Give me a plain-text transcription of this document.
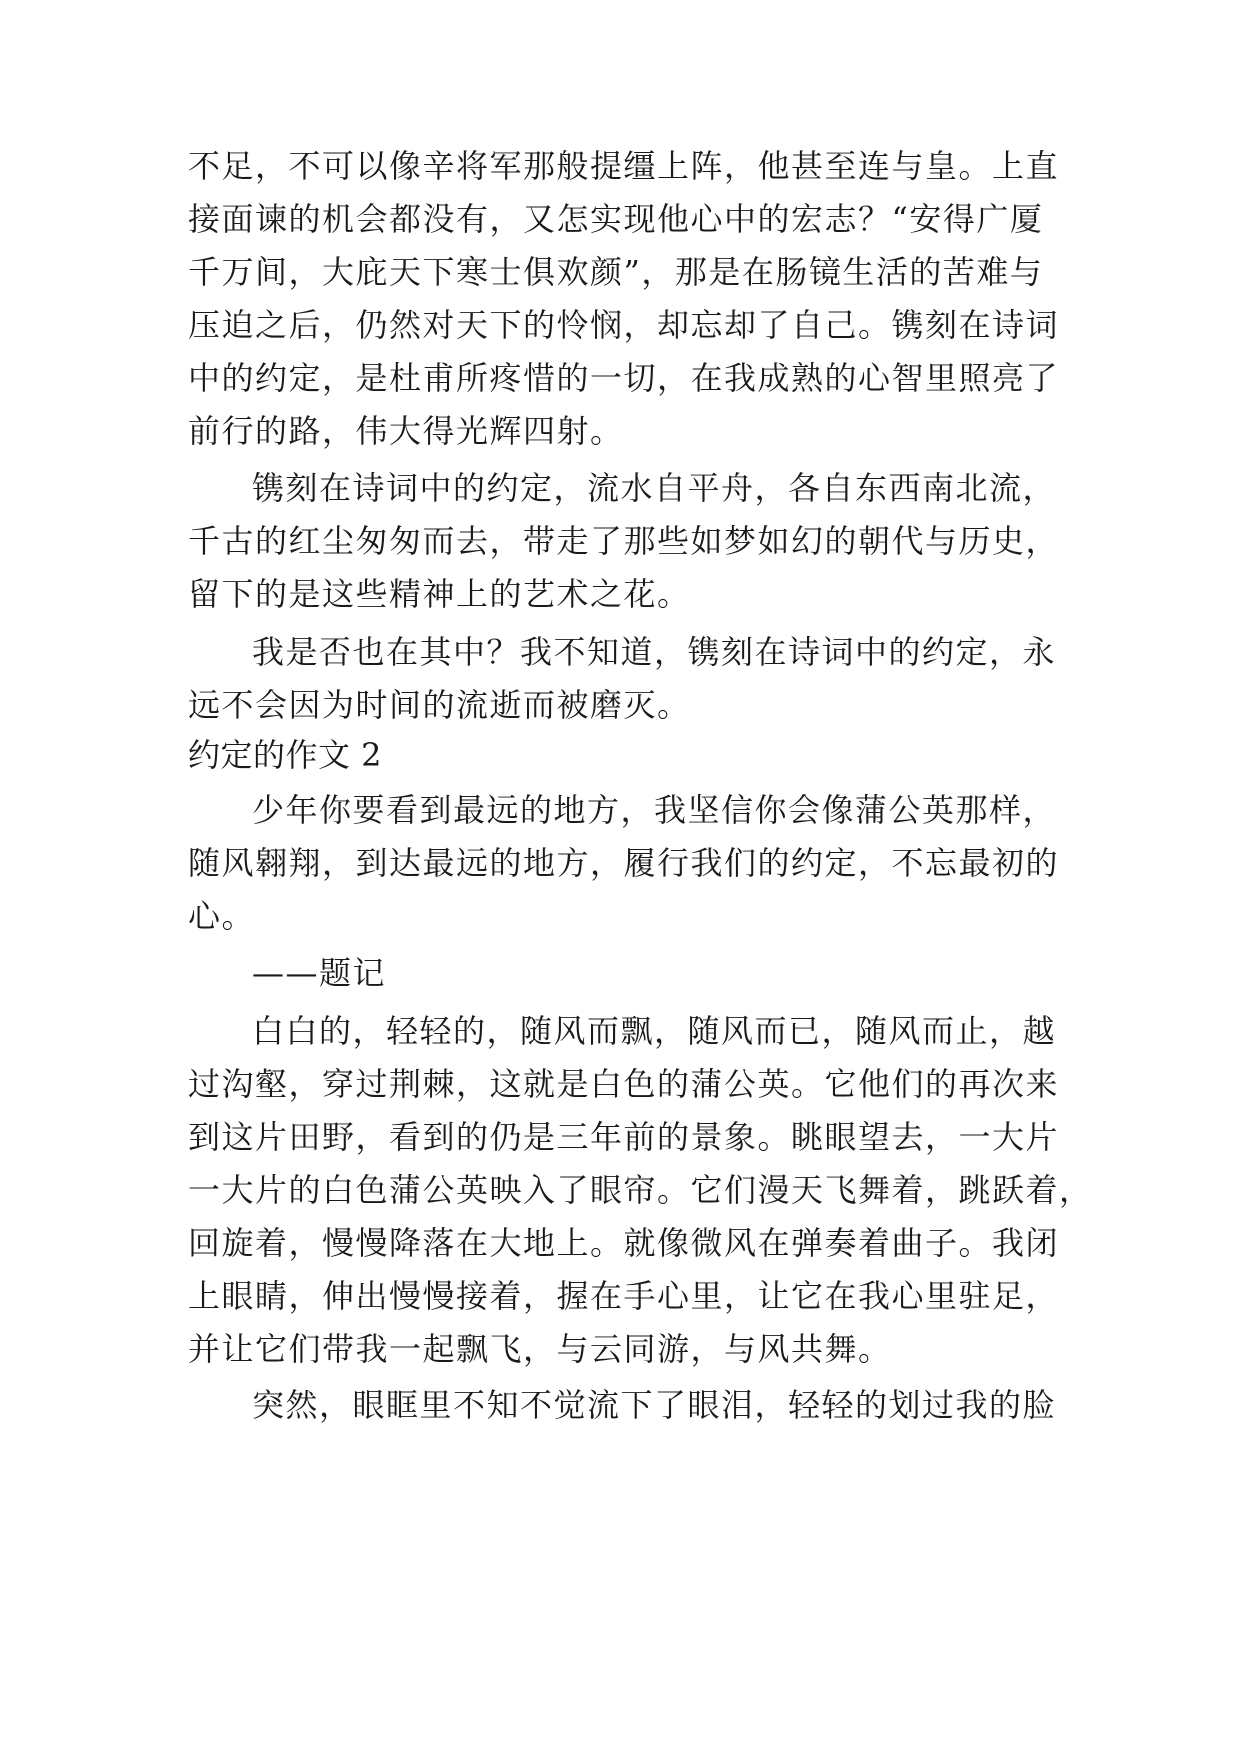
不足，不可以像辛将军那般提缰上阵，他甚至连与皇。上直
接面谏的机会都没有，又怎实现他心中的宏志？“安得广厦
千万间，大庇天下寒士俱欢颜”，那是在肠镜生活的苦难与
压迫之后，仍然对天下的怜悯，却忘却了自己。镌刻在诗词
中的约定，是杜甫所疼惜的一切，在我成熟的心智里照亮了
前行的路，伟大得光辉四射。
镌刻在诗词中的约定，流水自平舟，各自东西南北流，
千古的红尘匆匆而去，带走了那些如梦如幻的朝代与历史，
留下的是这些精神上的艺术之花。
我是否也在其中？我不知道，镌刻在诗词中的约定，永
远不会因为时间的流逝而被磨灭。
约定的作文 2
少年你要看到最远的地方，我坚信你会像蒲公英那样，
随风翱翔，到达最远的地方，履行我们的约定，不忘最初的
心。
——题记
白白的，轻轻的，随风而飘，随风而已，随风而止，越
过沟壑，穿过荆棘，这就是白色的蒲公英。它他们的再次来
到这片田野，看到的仍是三年前的景象。眺眼望去，一大片
一大片的白色蒲公英映入了眼帘。它们漫天飞舞着，跳跃着，
回旋着，慢慢降落在大地上。就像微风在弹奏着曲子。我闭
上眼睛，伸出慢慢接着，握在手心里，让它在我心里驻足，
并让它们带我一起飘飞，与云同游，与风共舞。
突然，眼眶里不知不觉流下了眼泪，轻轻的划过我的脸
